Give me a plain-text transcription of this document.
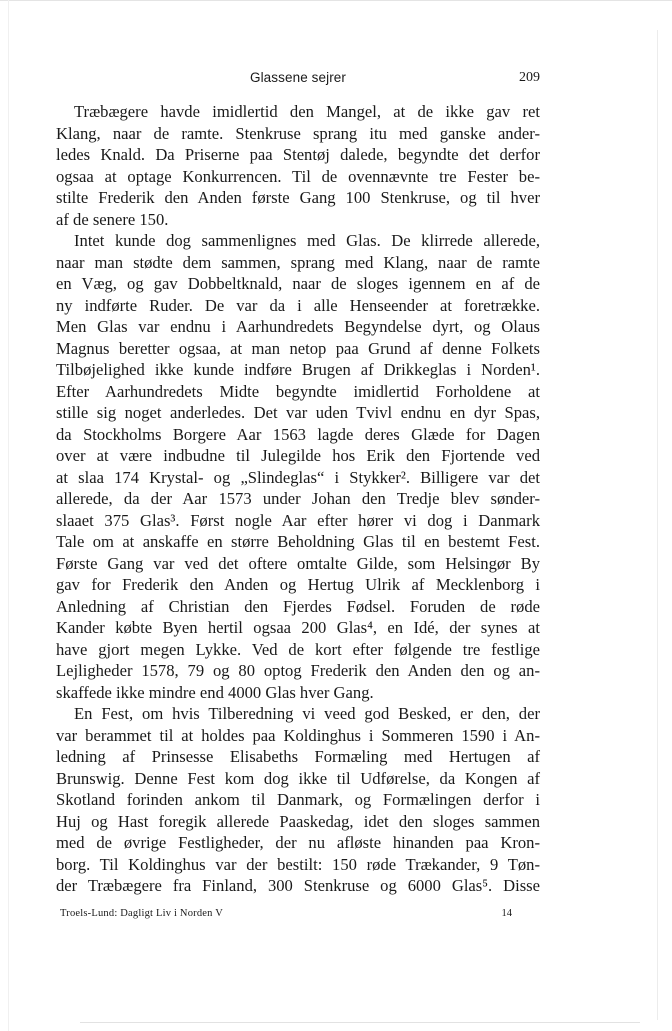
Glassene sejrer	209
Træbægere havde imidlertid den Mangel, at de ikke gav ret
Klang, naar de ramte. Stenkruse sprang itu med ganske ander-
ledes Knald. Da Priserne paa Stentøj dalede, begyndte det derfor
ogsaa at optage Konkurrencen. Til de ovennævnte tre Fester be-
stilte Frederik den Anden første Gang 100 Stenkruse, og til hver
af de senere 150.
Intet kunde dog sammenlignes med Glas. De klirrede allerede,
naar man stødte dem sammen, sprang med Klang, naar de ramte
en Væg, og gav Dobbeltknald, naar de sloges igennem en af de
ny indførte Ruder. De var da i alle Henseender at foretrække.
Men Glas var endnu i Aarhundredets Begyndelse dyrt, og Olaus
Magnus beretter ogsaa, at man netop paa Grund af denne Folkets
Tilbøjelighed ikke kunde indføre Brugen af Drikkeglas i Norden¹.
Efter Aarhundredets Midte begyndte imidlertid Forholdene at
stille sig noget anderledes. Det var uden Tvivl endnu en dyr Spas,
da Stockholms Borgere Aar 1563 lagde deres Glæde for Dagen
over at være indbudne til Julegilde hos Erik den Fjortende ved
at slaa 174 Krystal- og „Slindeglas“ i Stykker². Billigere var det
allerede, da der Aar 1573 under Johan den Tredje blev sønder-
slaaet 375 Glas³. Først nogle Aar efter hører vi dog i Danmark
Tale om at anskaffe en større Beholdning Glas til en bestemt Fest.
Første Gang var ved det oftere omtalte Gilde, som Helsingør By
gav for Frederik den Anden og Hertug Ulrik af Mecklenborg i
Anledning af Christian den Fjerdes Fødsel. Foruden de røde
Kander købte Byen hertil ogsaa 200 Glas⁴, en Idé, der synes at
have gjort megen Lykke. Ved de kort efter følgende tre festlige
Lejligheder 1578, 79 og 80 optog Frederik den Anden den og an-
skaffede ikke mindre end 4000 Glas hver Gang.
En Fest, om hvis Tilberedning vi veed god Besked, er den, der
var berammet til at holdes paa Koldinghus i Sommeren 1590 i An-
ledning af Prinsesse Elisabeths Formæling med Hertugen af
Brunswig. Denne Fest kom dog ikke til Udførelse, da Kongen af
Skotland forinden ankom til Danmark, og Formælingen derfor i
Huj og Hast foregik allerede Paaskedag, idet den sloges sammen
med de øvrige Festligheder, der nu afløste hinanden paa Kron-
borg. Til Koldinghus var der bestilt: 150 røde Trækander, 9 Tøn-
der Træbægere fra Finland, 300 Stenkruse og 6000 Glas⁵. Disse
Troels-Lund: Dagligt Liv i Norden V	14
